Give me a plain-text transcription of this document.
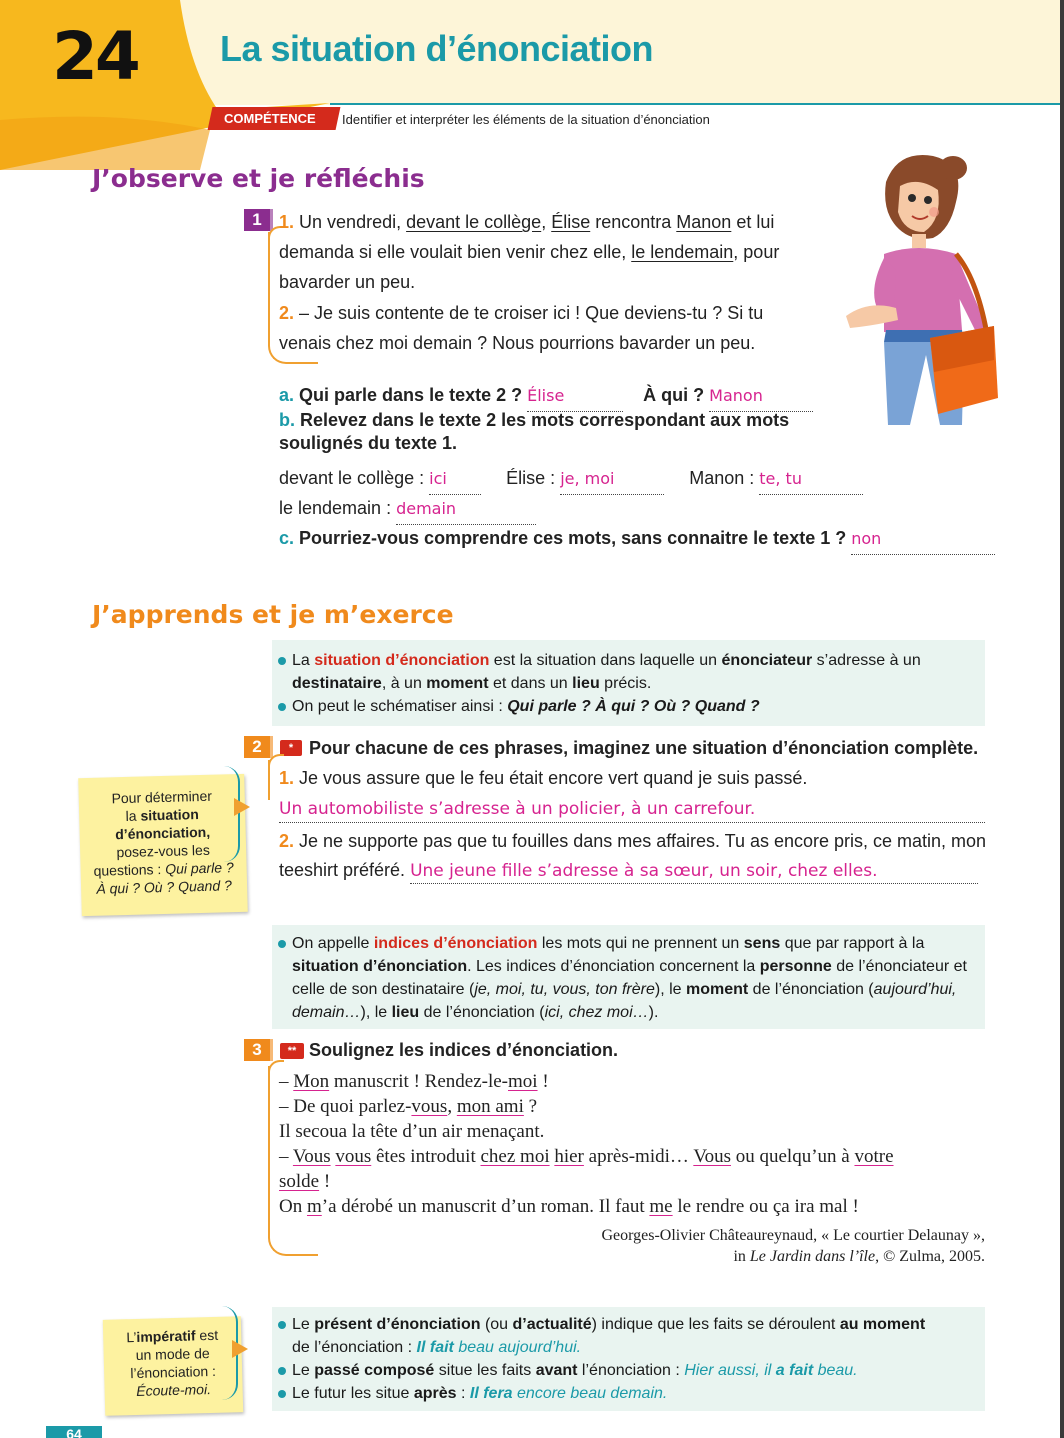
24 La situation d’énonciation
COMPÉTENCE	Identifier et interpréter les éléments de la situation d’énonciation
J’observe et je réfléchis
1 1. Un vendredi, devant le collège, Élise rencontra Manon et lui
demanda si elle voulait bien venir chez elle, le lendemain, pour
bavarder un peu.
2. – Je suis contente de te croiser ici ! Que deviens-tu ? Si tu
venais chez moi demain ? Nous pourrions bavarder un peu.
a. Qui parle dans le texte 2 ? Élise	À qui ? Manon
b. Relevez dans le texte 2 les mots correspondant aux mots
soulignés du texte 1.
devant le collège : ici	Élise : je, moi	Manon : te, tu
le lendemain : demain
c. Pourriez-vous comprendre ces mots, sans connaitre le texte 1 ? non
J’apprends et je m’exerce
La situation d’énonciation est la situation dans laquelle un énonciateur s’adresse à un
destinataire, à un moment et dans un lieu précis.
On peut le schématiser ainsi : Qui parle ? À qui ? Où ? Quand ?
2	* Pour chacune de ces phrases, imaginez une situation d’énonciation complète.
1. Je vous assure que le feu était encore vert quand je suis passé.
Un automobiliste s’adresse à un policier, à un carrefour.
2. Je ne supporte pas que tu fouilles dans mes affaires. Tu as encore pris, ce matin, mon
teeshirt préféré. Une jeune fille s’adresse à sa sœur, un soir, chez elles.
Pour déterminer
la situation
d’énonciation,
posez-vous les
questions : Qui parle ?
À qui ? Où ? Quand ?
On appelle indices d’énonciation les mots qui ne prennent un sens que par rapport à la
situation d’énonciation. Les indices d’énonciation concernent la personne de l’énonciateur et
celle de son destinataire (je, moi, tu, vous, ton frère), le moment de l’énonciation (aujourd’hui,
demain…), le lieu de l’énonciation (ici, chez moi…).
3	** Soulignez les indices d’énonciation.
– Mon manuscrit ! Rendez-le-moi !
– De quoi parlez-vous, mon ami ?
Il secoua la tête d’un air menaçant.
– Vous vous êtes introduit chez moi hier après-midi… Vous ou quelqu’un à votre
solde !
On m’a dérobé un manuscrit d’un roman. Il faut me le rendre ou ça ira mal !
Georges-Olivier Châteaureynaud, « Le courtier Delaunay »,
in Le Jardin dans l’île, © Zulma, 2005.
L’impératif est
un mode de
l’énonciation :
Écoute-moi.
Le présent d’énonciation (ou d’actualité) indique que les faits se déroulent au moment
de l’énonciation : Il fait beau aujourd’hui.
Le passé composé situe les faits avant l’énonciation : Hier aussi, il a fait beau.
Le futur les situe après : Il fera encore beau demain.
64
